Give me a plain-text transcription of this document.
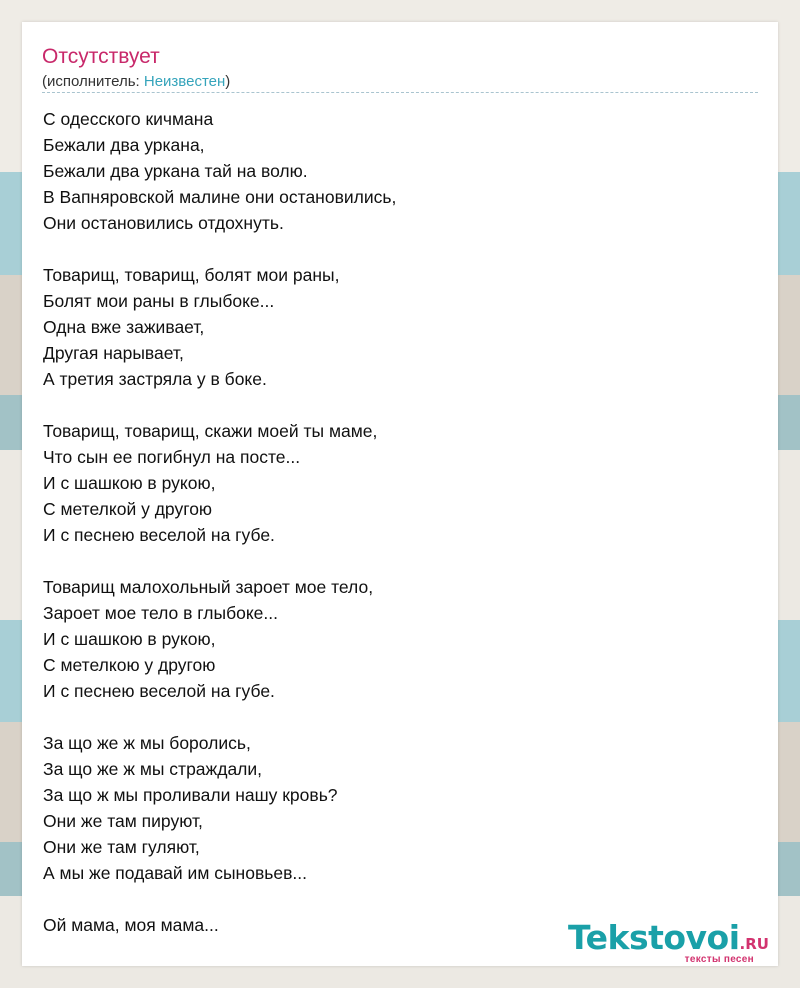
Отсутствует
(исполнитель: Неизвестен)
С одесского кичмана
Бежали два уркана,
Бежали два уркана тай на волю.
В Вапняровской малине они остановились,
Они остановились отдохнуть.
Товарищ, товарищ, болят мои раны,
Болят мои раны в глыбоке...
Одна вже заживает,
Другая нарывает,
А третия застряла у в боке.
Товарищ, товарищ, скажи моей ты маме,
Что сын ее погибнул на посте...
И с шашкою в рукою,
С метелкой у другою
И с песнею веселой на губе.
Товарищ малохольный зароет мое тело,
Зароет мое тело в глыбоке...
И с шашкою в рукою,
С метелкою у другою
И с песнею веселой на губе.
За що же ж мы боролись,
За що же ж мы страждали,
За що ж мы проливали нашу кровь?
Они же там пируют,
Они же там гуляют,
А мы же подавай им сыновьев...
Ой мама, моя мама...	Tekstovoi.RU
тексты песен
